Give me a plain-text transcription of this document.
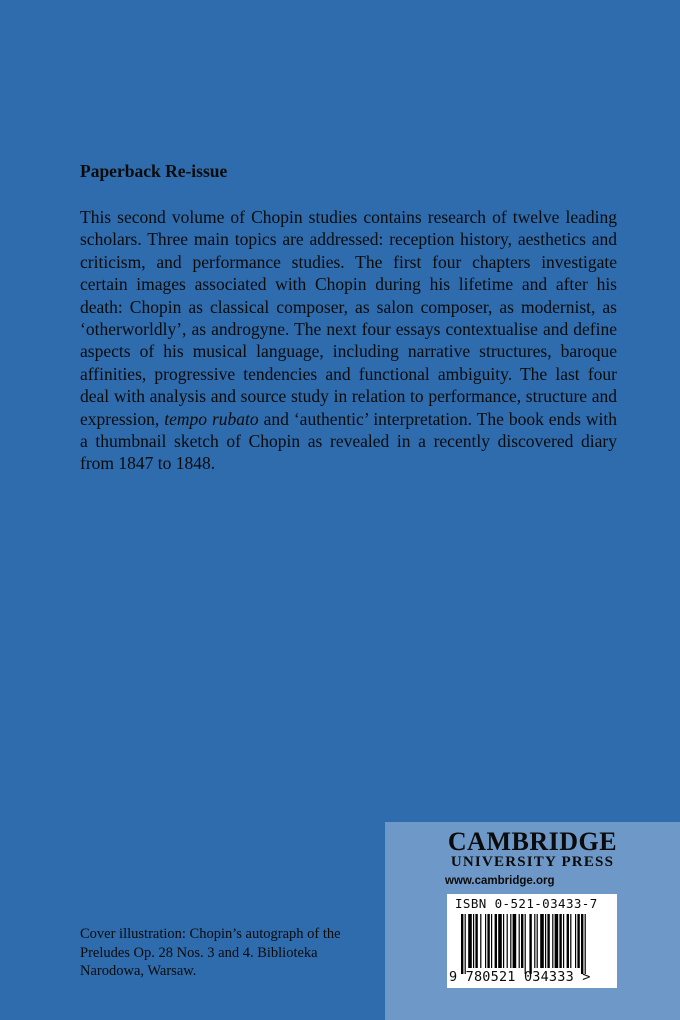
Paperback Re-issue

This second volume of Chopin studies contains research of twelve leading scholars. Three main topics are addressed: reception history, aesthetics and criticism, and performance studies. The first four chapters investigate certain images associated with Chopin during his lifetime and after his death: Chopin as classical composer, as salon composer, as modernist, as ‘otherworldly’, as androgyne. The next four essays contextualise and define aspects of his musical language, including narrative structures, baroque affinities, progressive tendencies and functional ambiguity. The last four deal with analysis and source study in relation to performance, structure and expression, tempo rubato and ‘authentic’ interpretation. The book ends with a thumbnail sketch of Chopin as revealed in a recently discovered diary from 1847 to 1848.

Cover illustration: Chopin’s autograph of the Preludes Op. 28 Nos. 3 and 4. Biblioteka Narodowa, Warsaw.

CAMBRIDGE
UNIVERSITY PRESS
www.cambridge.org
ISBN 0-521-03433-7
9 780521 034333 >
